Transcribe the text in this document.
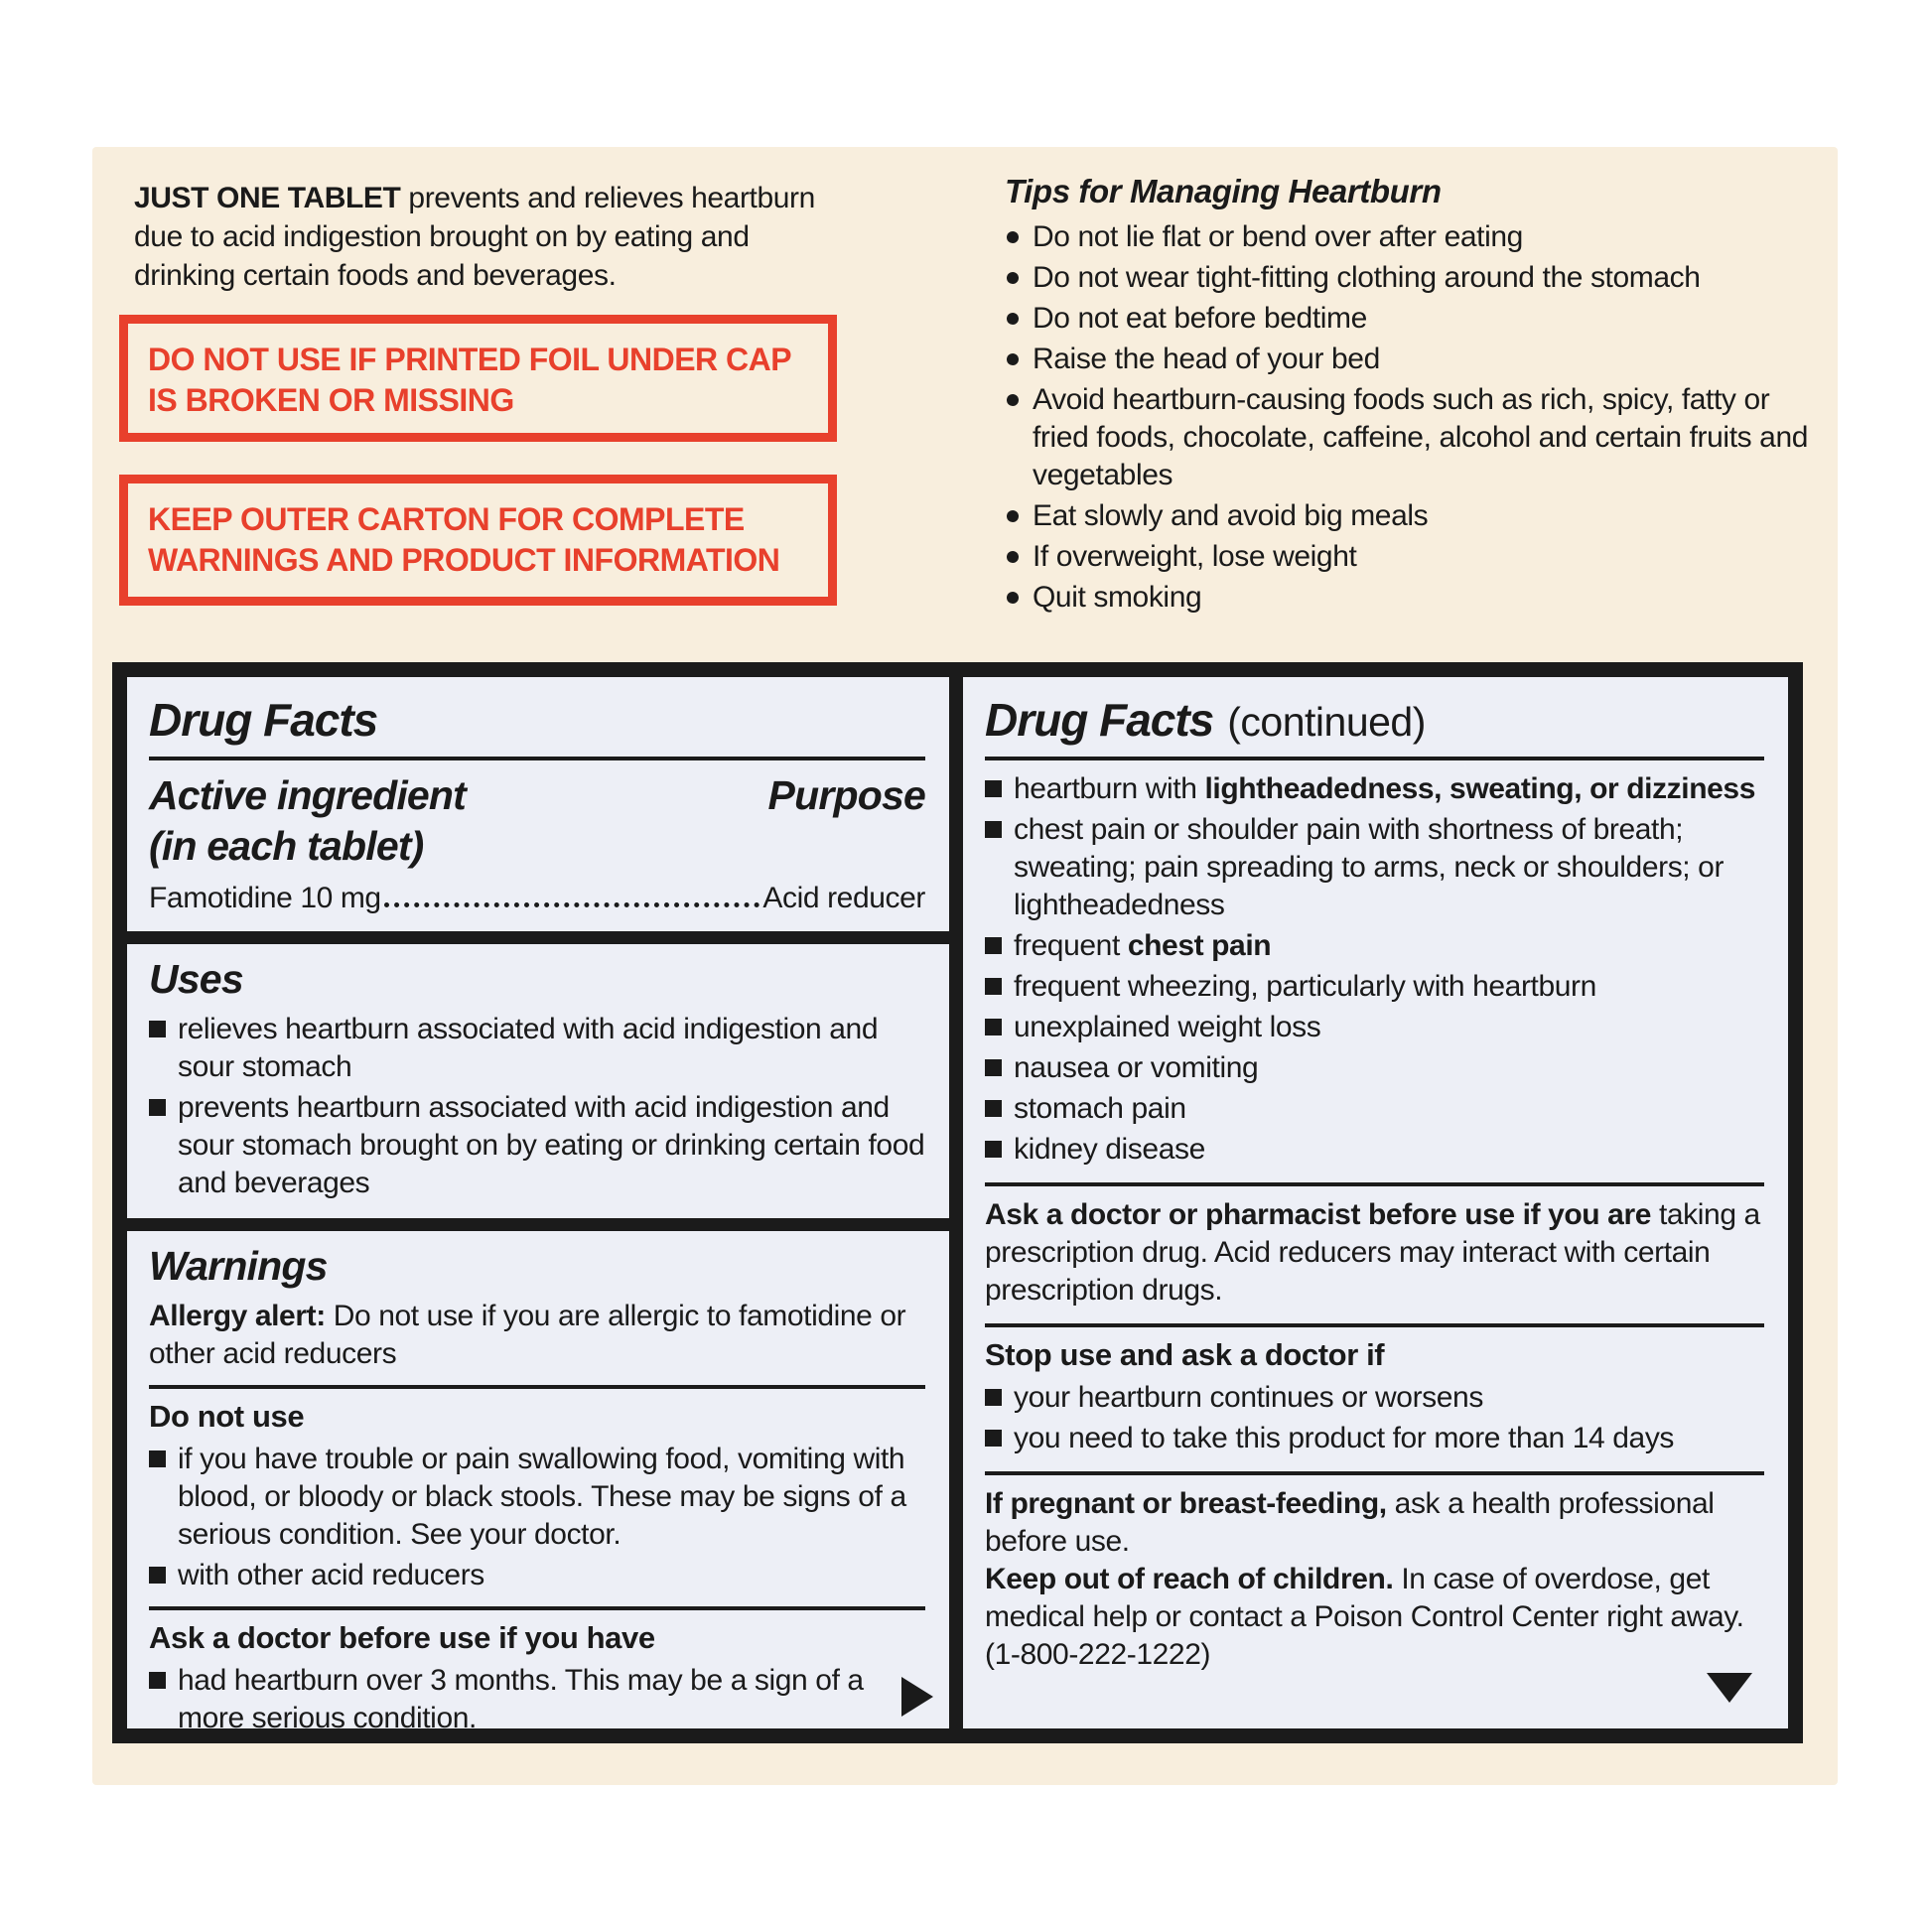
JUST ONE TABLET prevents and relieves heartburn due to acid indigestion brought on by eating and drinking certain foods and beverages.
DO NOT USE IF PRINTED FOIL UNDER CAP IS BROKEN OR MISSING
KEEP OUTER CARTON FOR COMPLETE WARNINGS AND PRODUCT INFORMATION
Tips for Managing Heartburn
Do not lie flat or bend over after eating
Do not wear tight-fitting clothing around the stomach
Do not eat before bedtime
Raise the head of your bed
Avoid heartburn-causing foods such as rich, spicy, fatty or fried foods, chocolate, caffeine, alcohol and certain fruits and vegetables
Eat slowly and avoid big meals
If overweight, lose weight
Quit smoking
Drug Facts
Active ingredient	Purpose
(in each tablet)
Famotidine 10 mg	Acid reducer
Uses
relieves heartburn associated with acid indigestion and sour stomach
prevents heartburn associated with acid indigestion and sour stomach brought on by eating or drinking certain food and beverages
Warnings
Allergy alert: Do not use if you are allergic to famotidine or other acid reducers
Do not use
if you have trouble or pain swallowing food, vomiting with blood, or bloody or black stools. These may be signs of a serious condition. See your doctor.
with other acid reducers
Ask a doctor before use if you have
had heartburn over 3 months. This may be a sign of a more serious condition.
Drug Facts (continued)
heartburn with lightheadedness, sweating, or dizziness
chest pain or shoulder pain with shortness of breath; sweating; pain spreading to arms, neck or shoulders; or lightheadedness
frequent chest pain
frequent wheezing, particularly with heartburn
unexplained weight loss
nausea or vomiting
stomach pain
kidney disease
Ask a doctor or pharmacist before use if you are taking a prescription drug. Acid reducers may interact with certain prescription drugs.
Stop use and ask a doctor if
your heartburn continues or worsens
you need to take this product for more than 14 days
If pregnant or breast-feeding, ask a health professional before use.
Keep out of reach of children. In case of overdose, get medical help or contact a Poison Control Center right away. (1-800-222-1222)
